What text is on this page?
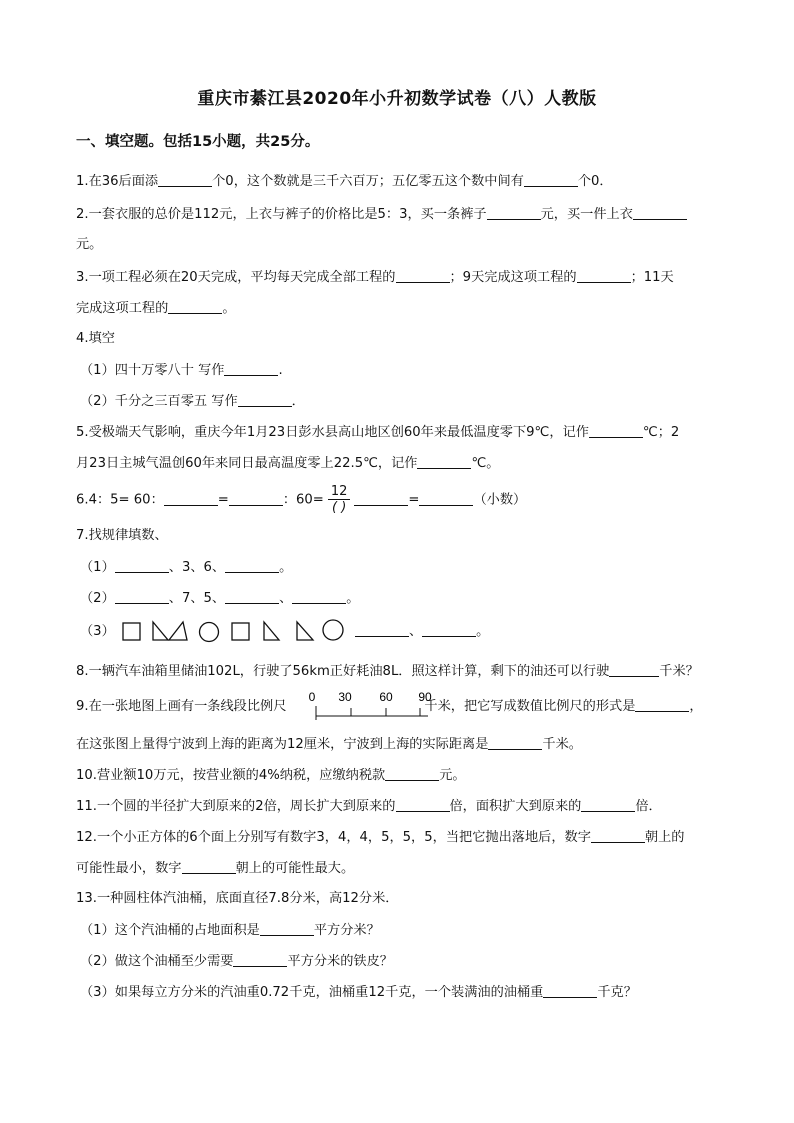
重庆市綦江县2020年小升初数学试卷（八）人教版
一、填空题。包括15小题，共25分。
1.在36后面添	个0，这个数就是三千六百万；五亿零五这个数中间有	个0．
2.一套衣服的总价是112元，上衣与裤子的价格比是5：3，买一条裤子	元，买一件上衣
元。
3.一项工程必须在20天完成，平均每天完成全部工程的	；9天完成这项工程的	；11天
完成这项工程的	。
4.填空
（1）四十万零八十 写作	.
（2）千分之三百零五 写作	．
5.受极端天气影响，重庆今年1月23日彭水县高山地区创60年来最低温度零下9℃，记作	℃；2
月23日主城气温创60年来同日最高温度零上22.5℃，记作	℃。
6.4：5= 60：	=	：$60= \frac{12}{( )}$	=	（小数）
7.找规律填数、
（1）	、3、6、	。
（2）	、7、5、	、	。
（3）	、	。
8.一辆汽车油箱里储油102L，行驶了56km正好耗油8L．照这样计算，剩下的油还可以行驶	千米？
9.在一张地图上画有一条线段比例尺	千米，把它写成数值比例尺的形式是	，
0 30 60 90
在这张图上量得宁波到上海的距离为12厘米，宁波到上海的实际距离是	千米。
10.营业额10万元，按营业额的4%纳税，应缴纳税款	元。
11.一个圆的半径扩大到原来的2倍，周长扩大到原来的	倍，面积扩大到原来的	倍．
12.一个小正方体的6个面上分别写有数字3，4，4，5，5，5，当把它抛出落地后，数字	朝上的
可能性最小，数字	朝上的可能性最大。
13.一种圆柱体汽油桶，底面直径7.8分米，高12分米．
（1）这个汽油桶的占地面积是	平方分米？
（2）做这个油桶至少需要	平方分米的铁皮？
（3）如果每立方分米的汽油重0.72千克，油桶重12千克，一个装满油的油桶重	千克？
